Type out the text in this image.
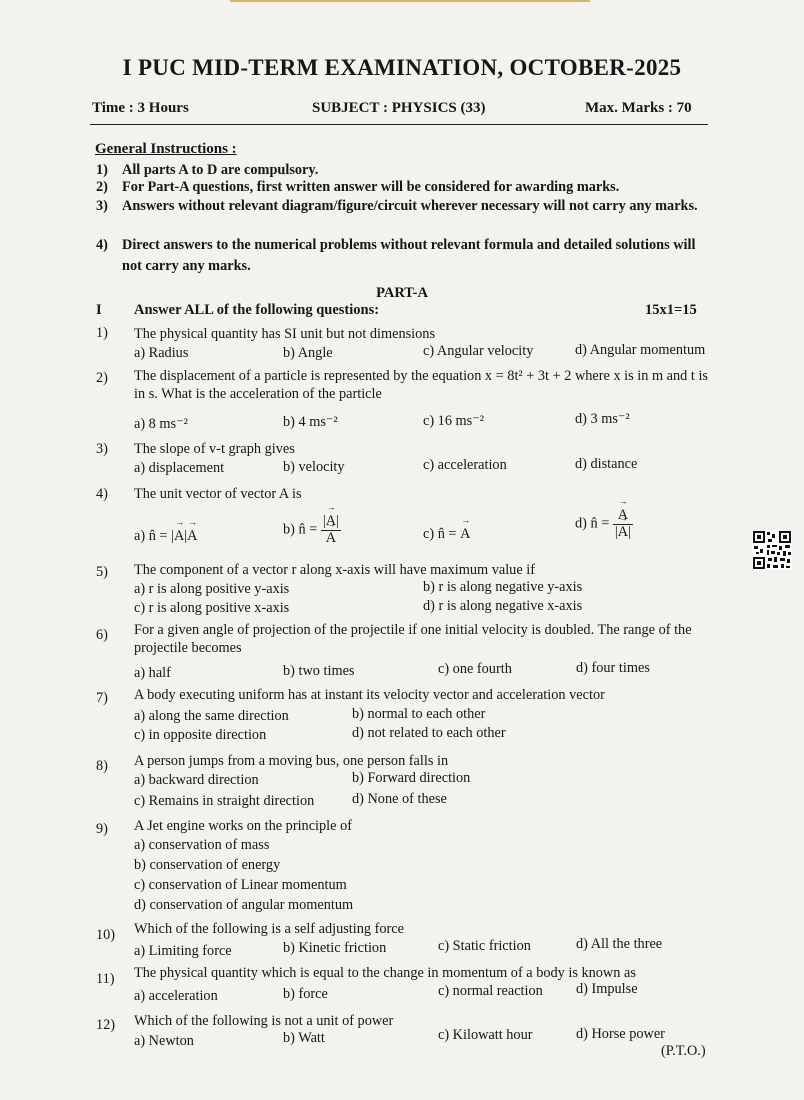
I PUC MID-TERM EXAMINATION, OCTOBER-2025
Time : 3 Hours	SUBJECT : PHYSICS (33)	Max. Marks : 70
General Instructions :
1) All parts A to D are compulsory.
2) For Part-A questions, first written answer will be considered for awarding marks.
3) Answers without relevant diagram/figure/circuit wherever necessary will not carry any marks.
4) Direct answers to the numerical problems without relevant formula and detailed solutions will not carry any marks.
PART-A
I Answer ALL of the following questions:	15x1=15
1) The physical quantity has SI unit but not dimensions
a) Radius	b) Angle	c) Angular velocity	d) Angular momentum
2) The displacement of a particle is represented by the equation x = 8t² + 3t + 2 where x is in m and t is in s. What is the acceleration of the particle
a) 8 ms⁻²	b) 4 ms⁻²	c) 16 ms⁻²	d) 3 ms⁻²
3) The slope of v-t graph gives
a) displacement	b) velocity	c) acceleration	d) distance
4) The unit vector of vector A is
a) n̂ = |→ A|→ A	b) n̂ = |→ A|
→ A	c) n̂ = → A
d) n̂ =
→ $\frac{A}{|\to A|}$
5) The component of a vector r along x-axis will have maximum value if
a) r is along positive y-axis	b) r is along negative y-axis
c) r is along positive x-axis	d) r is along negative x-axis
6) For a given angle of projection of the projectile if one initial velocity is doubled. The range of the projectile becomes
a) half	b) two times	c) one fourth	d) four times
7) A body executing uniform has at instant its velocity vector and acceleration vector
a) along the same direction	b) normal to each other
c) in opposite direction	d) not related to each other
8) A person jumps from a moving bus, one person falls in
a) backward direction	b) Forward direction
c) Remains in straight direction	d) None of these
9) A Jet engine works on the principle of
a) conservation of mass
b) conservation of energy
c) conservation of Linear momentum
d) conservation of angular momentum
10) Which of the following is a self adjusting force
a) Limiting force	b) Kinetic friction	c) Static friction	d) All the three
11) The physical quantity which is equal to the change in momentum of a body is known as
a) acceleration	b) force	c) normal reaction d) Impulse
12) Which of the following is not a unit of power
a) Newton	b) Watt	c) Kilowatt hour	d) Horse power
(P.T.O.)
